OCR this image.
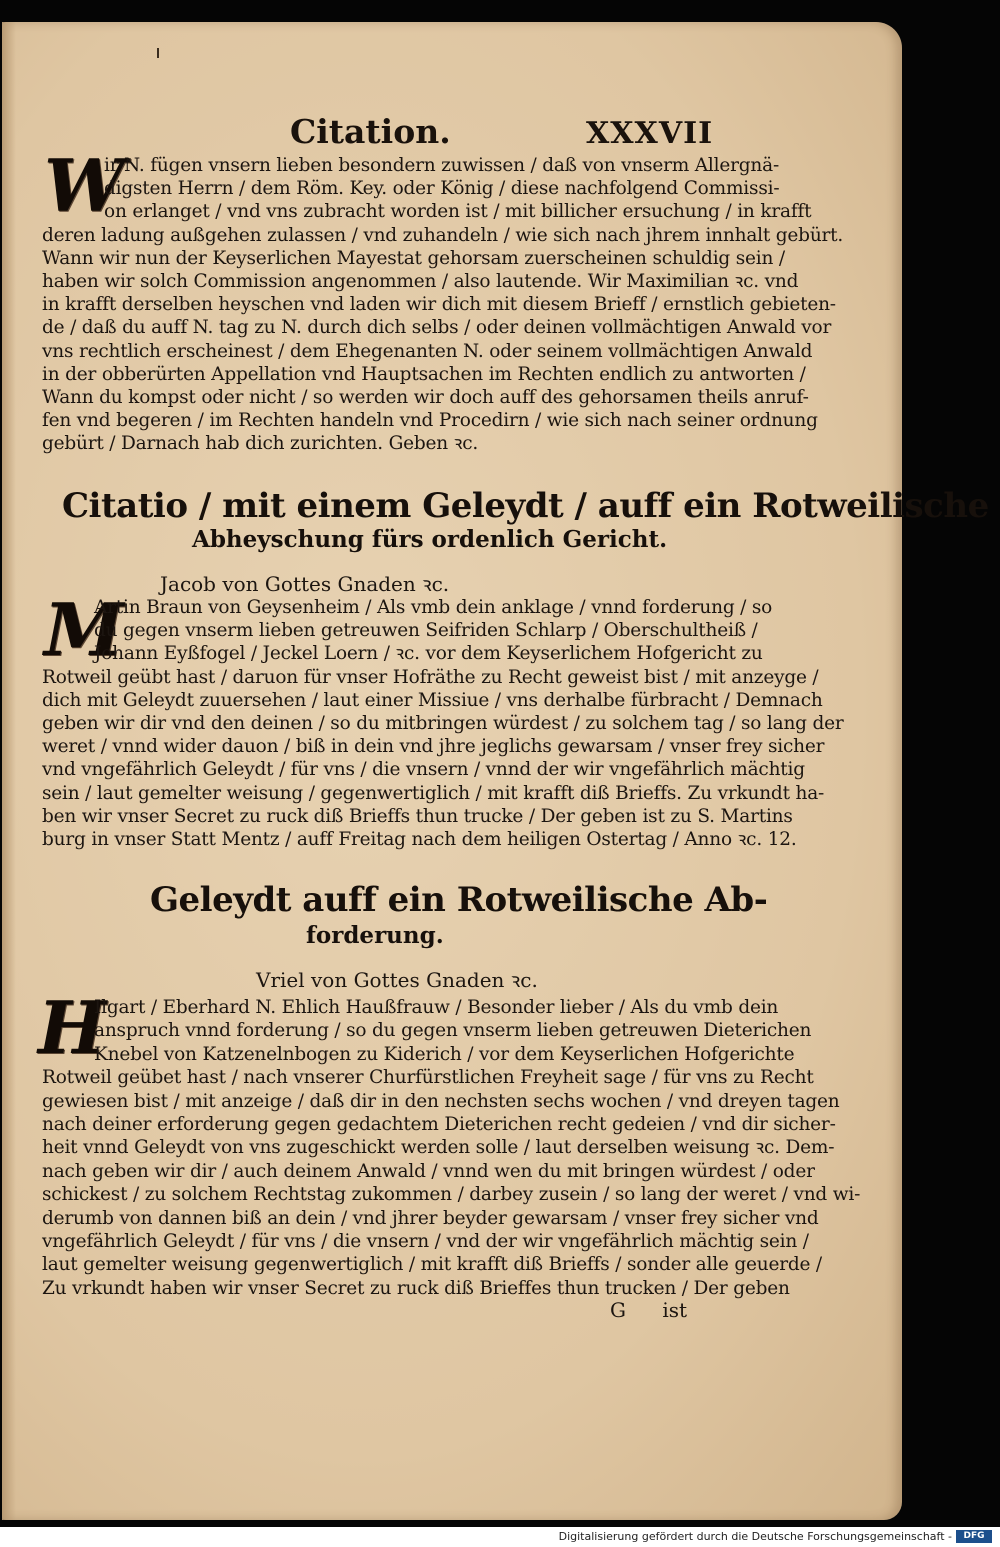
Citation.	XXXVII
W
ir N. fügen vnsern lieben besondern zuwissen / daß von vnserm Allergnä-
digsten Herrn / dem Röm. Key. oder König / diese nachfolgend Commissi-
on erlanget / vnd vns zubracht worden ist / mit billicher ersuchung / in krafft
deren ladung außgehen zulassen / vnd zuhandeln / wie sich nach jhrem innhalt gebürt.
Wann wir nun der Keyserlichen Mayestat gehorsam zuerscheinen schuldig sein /
haben wir solch Commission angenommen / also lautende. Wir Maximilian ꝛc. vnd
in krafft derselben heyschen vnd laden wir dich mit diesem Brieff / ernstlich gebieten-
de / daß du auff N. tag zu N. durch dich selbs / oder deinen vollmächtigen Anwald vor
vns rechtlich erscheinest / dem Ehegenanten N. oder seinem vollmächtigen Anwald
in der obberürten Appellation vnd Hauptsachen im Rechten endlich zu antworten /
Wann du kompst oder nicht / so werden wir doch auff des gehorsamen theils anruf-
fen vnd begeren / im Rechten handeln vnd Procedirn / wie sich nach seiner ordnung
gebürt / Darnach hab dich zurichten. Geben ꝛc.
Citatio / mit einem Geleydt / auff ein Rotweilische
Abheyschung fürs ordenlich Gericht.
Jacob von Gottes Gnaden ꝛc.
M
Artin Braun von Geysenheim / Als vmb dein anklage / vnnd forderung / so
du gegen vnserm lieben getreuwen Seifriden Schlarp / Oberschultheiß /
Johann Eyßfogel / Jeckel Loern / ꝛc. vor dem Keyserlichem Hofgericht zu
Rotweil geübt hast / daruon für vnser Hofräthe zu Recht geweist bist / mit anzeyge /
dich mit Geleydt zuuersehen / laut einer Missiue / vns derhalbe fürbracht / Demnach
geben wir dir vnd den deinen / so du mitbringen würdest / zu solchem tag / so lang der
weret / vnnd wider dauon / biß in dein vnd jhre jeglichs gewarsam / vnser frey sicher
vnd vngefährlich Geleydt / für vns / die vnsern / vnnd der wir vngefährlich mächtig
sein / laut gemelter weisung / gegenwertiglich / mit krafft diß Brieffs. Zu vrkundt ha-
ben wir vnser Secret zu ruck diß Brieffs thun trucke / Der geben ist zu S. Martins
burg in vnser Statt Mentz / auff Freitag nach dem heiligen Ostertag / Anno ꝛc. 12.
Geleydt auff ein Rotweilische Ab-
forderung.
Vriel von Gottes Gnaden ꝛc.
H
Ilgart / Eberhard N. Ehlich Haußfrauw / Besonder lieber / Als du vmb dein
anspruch vnnd forderung / so du gegen vnserm lieben getreuwen Dieterichen
Knebel von Katzenelnbogen zu Kiderich / vor dem Keyserlichen Hofgerichte
Rotweil geübet hast / nach vnserer Churfürstlichen Freyheit sage / für vns zu Recht
gewiesen bist / mit anzeige / daß dir in den nechsten sechs wochen / vnd dreyen tagen
nach deiner erforderung gegen gedachtem Dieterichen recht gedeien / vnd dir sicher-
heit vnnd Geleydt von vns zugeschickt werden solle / laut derselben weisung ꝛc. Dem-
nach geben wir dir / auch deinem Anwald / vnnd wen du mit bringen würdest / oder
schickest / zu solchem Rechtstag zukommen / darbey zusein / so lang der weret / vnd wi-
derumb von dannen biß an dein / vnd jhrer beyder gewarsam / vnser frey sicher vnd
vngefährlich Geleydt / für vns / die vnsern / vnd der wir vngefährlich mächtig sein /
laut gemelter weisung gegenwertiglich / mit krafft diß Brieffs / sonder alle geuerde /
Zu vrkundt haben wir vnser Secret zu ruck diß Brieffes thun trucken / Der geben
G ist
Digitalisierung gefördert durch die Deutsche Forschungsgemeinschaft -	DFG
